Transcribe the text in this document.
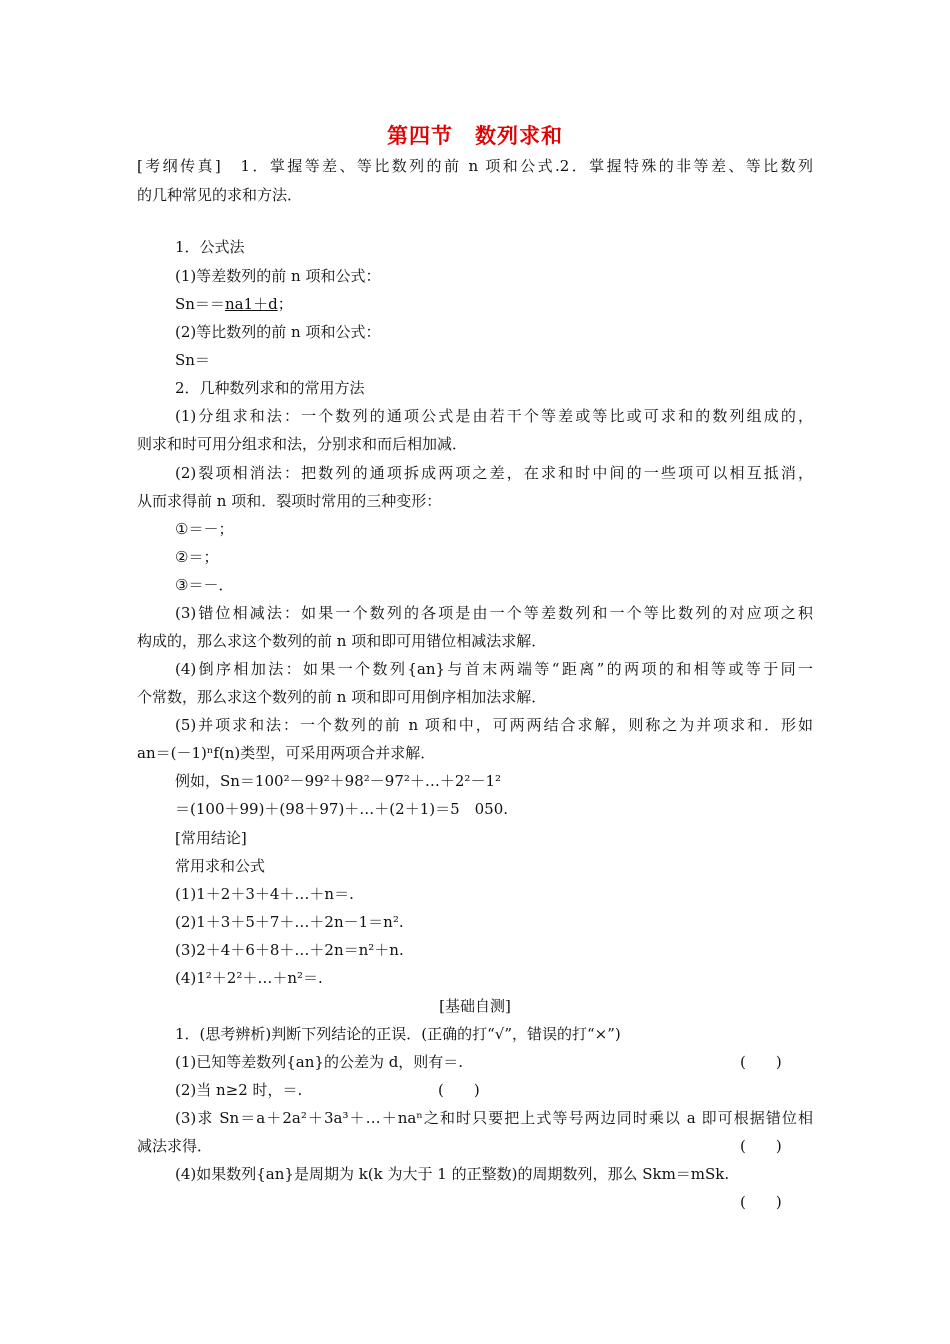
第四节　数列求和
[考纲传真]　1．掌握等差、等比数列的前 n 项和公式.2．掌握特殊的非等差、等比数列
的几种常见的求和方法．
1．公式法
(1)等差数列的前 n 项和公式：
Sn＝＝na1＋d；
(2)等比数列的前 n 项和公式：
Sn＝
2．几种数列求和的常用方法
(1)分组求和法：一个数列的通项公式是由若干个等差或等比或可求和的数列组成的，
则求和时可用分组求和法，分别求和而后相加减．
(2)裂项相消法：把数列的通项拆成两项之差，在求和时中间的一些项可以相互抵消，
从而求得前 n 项和．裂项时常用的三种变形：
①＝－；
②＝；
③＝－．
(3)错位相减法：如果一个数列的各项是由一个等差数列和一个等比数列的对应项之积
构成的，那么求这个数列的前 n 项和即可用错位相减法求解．
(4)倒序相加法：如果一个数列{an}与首末两端等“距离”的两项的和相等或等于同一
个常数，那么求这个数列的前 n 项和即可用倒序相加法求解．
(5)并项求和法：一个数列的前 n 项和中，可两两结合求解，则称之为并项求和．形如
an＝(－1)ⁿf(n)类型，可采用两项合并求解．
例如，Sn＝100²－99²＋98²－97²＋…＋2²－1²
＝(100＋99)＋(98＋97)＋…＋(2＋1)＝5　050.
[常用结论]
常用求和公式
(1)1＋2＋3＋4＋…＋n＝.
(2)1＋3＋5＋7＋…＋2n－1＝n².
(3)2＋4＋6＋8＋…＋2n＝n²＋n.
(4)1²＋2²＋…＋n²＝.
[基础自测]
1．(思考辨析)判断下列结论的正误．(正确的打“√”，错误的打“×”)
(1)已知等差数列{an}的公差为 d，则有＝.	(　　)
(2)当 n≥2 时，＝.	(　　)
(3)求 Sn＝a＋2a²＋3a³＋…＋naⁿ之和时只要把上式等号两边同时乘以 a 即可根据错位相
减法求得．	(　　)
(4)如果数列{an}是周期为 k(k 为大于 1 的正整数)的周期数列，那么 Skm＝mSk.
(　　)
